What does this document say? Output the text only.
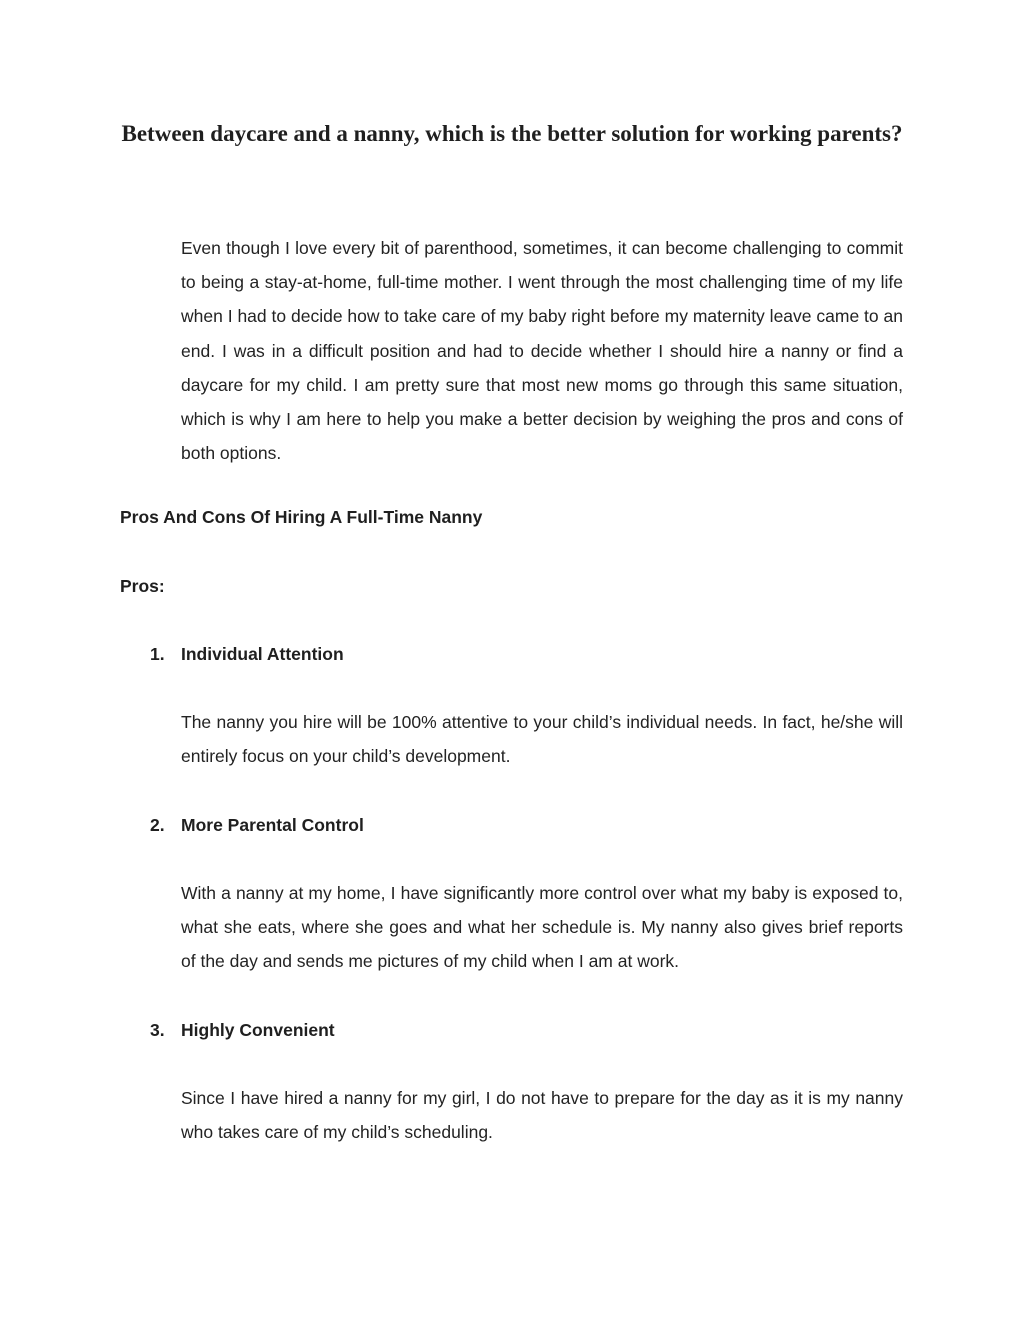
Between daycare and a nanny, which is the better solution for working parents?

Even though I love every bit of parenthood, sometimes, it can become challenging to commit to being a stay-at-home, full-time mother. I went through the most challenging time of my life when I had to decide how to take care of my baby right before my maternity leave came to an end. I was in a difficult position and had to decide whether I should hire a nanny or find a daycare for my child. I am pretty sure that most new moms go through this same situation, which is why I am here to help you make a better decision by weighing the pros and cons of both options.

Pros And Cons Of Hiring A Full-Time Nanny

Pros:

1. Individual Attention

The nanny you hire will be 100% attentive to your child’s individual needs. In fact, he/she will entirely focus on your child’s development.

2. More Parental Control

With a nanny at my home, I have significantly more control over what my baby is exposed to, what she eats, where she goes and what her schedule is. My nanny also gives brief reports of the day and sends me pictures of my child when I am at work.

3. Highly Convenient

Since I have hired a nanny for my girl, I do not have to prepare for the day as it is my nanny who takes care of my child’s scheduling.
